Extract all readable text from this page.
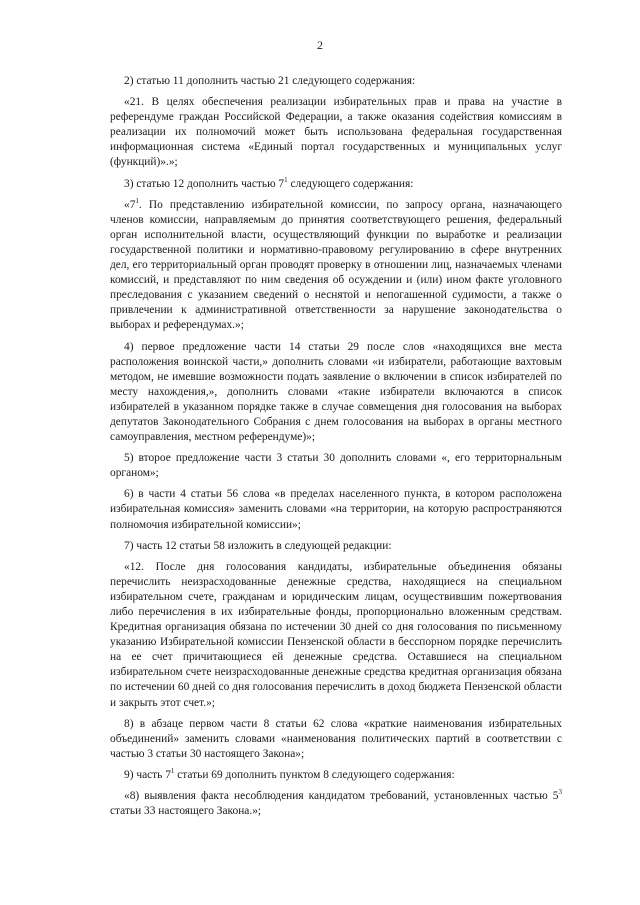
2

2) статью 11 дополнить частью 21 следующего содержания:

«21. В целях обеспечения реализации избирательных прав и права на участие в референдуме граждан Российской Федерации, а также оказания содействия комиссиям в реализации их полномочий может быть использована федеральная государственная информационная система «Единый портал государственных и муниципальных услуг (функций)».»;

3) статью 12 дополнить частью $7^1$ следующего содержания:

«$7^1$. По представлению избирательной комиссии, по запросу органа, назначающего членов комиссии, направляемым до принятия соответствующего решения, федеральный орган исполнительной власти, осуществляющий функции по выработке и реализации государственной политики и нормативно-правовому регулированию в сфере внутренних дел, его территориальный орган проводят проверку в отношении лиц, назначаемых членами комиссий, и представляют по ним сведения об осуждении и (или) ином факте уголовного преследования с указанием сведений о неснятой и непогашенной судимости, а также о привлечении к административной ответственности за нарушение законодательства о выборах и референдумах.»;

4) первое предложение части 14 статьи 29 после слов «находящихся вне места расположения воинской части,» дополнить словами «и избиратели, работающие вахтовым методом, не имевшие возможности подать заявление о включении в список избирателей по месту нахождения,», дополнить словами «такие избиратели включаются в список избирателей в указанном порядке также в случае совмещения дня голосования на выборах депутатов Законодательного Собрания с днем голосования на выборах в органы местного самоуправления, местном референдуме)»;

5) второе предложение части 3 статьи 30 дополнить словами «, его территорнальным органом»;

6) в части 4 статьи 56 слова «в пределах населенного пункта, в котором расположена избирательная комиссия» заменить словами «на территории, на которую распространяются полномочия избирательной комиссии»;

7) часть 12 статьи 58 изложить в следующей редакции:

«12. После дня голосования кандидаты, избирательные объединения обязаны перечислить неизрасходованные денежные средства, находящиеся на специальном избирательном счете, гражданам и юридическим лицам, осуществившим пожертвования либо перечисления в их избирательные фонды, пропорционально вложенным средствам. Кредитная организация обязана по истечении 30 дней со дня голосования по письменному указанию Избирательной комиссии Пензенской области в бесспорном порядке перечислить на ее счет причитающиеся ей денежные средства. Оставшиеся на специальном избирательном счете неизрасходованные денежные средства кредитная организация обязана по истечении 60 дней со дня голосования перечислить в доход бюджета Пензенской области и закрыть этот счет.»;

8) в абзаце первом части 8 статьи 62 слова «краткие наименования избирательных объединений» заменить словами «наименования политических партий в соответствии с частью 3 статьи 30 настоящего Закона»;

9) часть $7^1$ статьи 69 дополнить пунктом 8 следующего содержания:

«8) выявления факта несоблюдения кандидатом требований, установленных частью $5^3$ статьи 33 настоящего Закона.»;
